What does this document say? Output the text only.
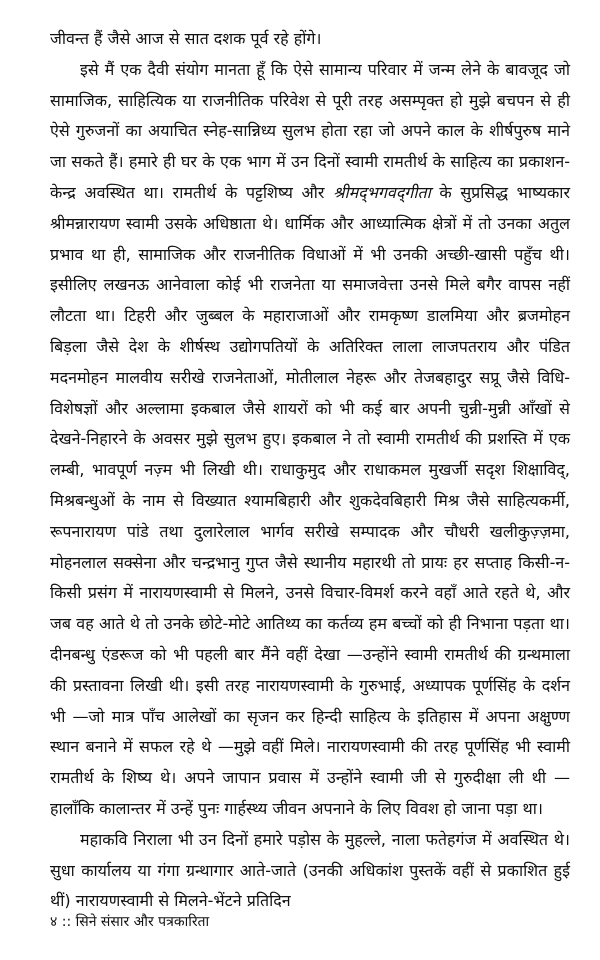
जीवन्त हैं जैसे आज से सात दशक पूर्व रहे होंगे।

इसे मैं एक दैवी संयोग मानता हूँ कि ऐसे सामान्य परिवार में जन्म लेने के बावजूद जो सामाजिक, साहित्यिक या राजनीतिक परिवेश से पूरी तरह असम्पृक्त हो मुझे बचपन से ही ऐसे गुरुजनों का अयाचित स्नेह-सान्निध्य सुलभ होता रहा जो अपने काल के शीर्षपुरुष माने जा सकते हैं। हमारे ही घर के एक भाग में उन दिनों स्वामी रामतीर्थ के साहित्य का प्रकाशन-केन्द्र अवस्थित था। रामतीर्थ के पट्टशिष्य और श्रीमद्‌भगवद्‌गीता के सुप्रसिद्ध भाष्यकार श्रीमन्नारायण स्वामी उसके अधिष्ठाता थे। धार्मिक और आध्यात्मिक क्षेत्रों में तो उनका अतुल प्रभाव था ही, सामाजिक और राजनीतिक विधाओं में भी उनकी अच्छी-खासी पहुँच थी। इसीलिए लखनऊ आनेवाला कोई भी राजनेता या समाजवेत्ता उनसे मिले बगैर वापस नहीं लौटता था। टिहरी और जुब्बल के महाराजाओं और रामकृष्ण डालमिया और ब्रजमोहन बिड़ला जैसे देश के शीर्षस्थ उद्योगपतियों के अतिरिक्त लाला लाजपतराय और पंडित मदनमोहन मालवीय सरीखे राजनेताओं, मोतीलाल नेहरू और तेजबहादुर सप्रू जैसे विधि-विशेषज्ञों और अल्लामा इकबाल जैसे शायरों को भी कई बार अपनी चुन्नी-मुन्नी आँखों से देखने-निहारने के अवसर मुझे सुलभ हुए। इकबाल ने तो स्वामी रामतीर्थ की प्रशस्ति में एक लम्बी, भावपूर्ण नज़्म भी लिखी थी। राधाकुमुद और राधाकमल मुखर्जी सदृश शिक्षाविद्, मिश्रबन्धुओं के नाम से विख्यात श्यामबिहारी और शुकदेवबिहारी मिश्र जैसे साहित्यकर्मी, रूपनारायण पांडे तथा दुलारेलाल भार्गव सरीखे सम्पादक और चौधरी खलीकुज़्ज़मा, मोहनलाल सक्सेना और चन्द्रभानु गुप्त जैसे स्थानीय महारथी तो प्रायः हर सप्ताह किसी-न-किसी प्रसंग में नारायणस्वामी से मिलने, उनसे विचार-विमर्श करने वहाँ आते रहते थे, और जब वह आते थे तो उनके छोटे-मोटे आतिथ्य का कर्तव्य हम बच्चों को ही निभाना पड़ता था। दीनबन्धु एंडरूज को भी पहली बार मैंने वहीं देखा —उन्होंने स्वामी रामतीर्थ की ग्रन्थमाला की प्रस्तावना लिखी थी। इसी तरह नारायणस्वामी के गुरुभाई, अध्यापक पूर्णसिंह के दर्शन भी —जो मात्र पाँच आलेखों का सृजन कर हिन्दी साहित्य के इतिहास में अपना अक्षुण्ण स्थान बनाने में सफल रहे थे —मुझे वहीं मिले। नारायणस्वामी की तरह पूर्णसिंह भी स्वामी रामतीर्थ के शिष्य थे। अपने जापान प्रवास में उन्होंने स्वामी जी से गुरुदीक्षा ली थी —हालाँकि कालान्तर में उन्हें पुनः गार्हस्थ्य जीवन अपनाने के लिए विवश हो जाना पड़ा था।

महाकवि निराला भी उन दिनों हमारे पड़ोस के मुहल्ले, नाला फतेहगंज में अवस्थित थे। सुधा कार्यालय या गंगा ग्रन्थागार आते-जाते (उनकी अधिकांश पुस्तकें वहीं से प्रकाशित हुई थीं) नारायणस्वामी से मिलने-भेंटने प्रतिदिन

४ :: सिने संसार और पत्रकारिता
